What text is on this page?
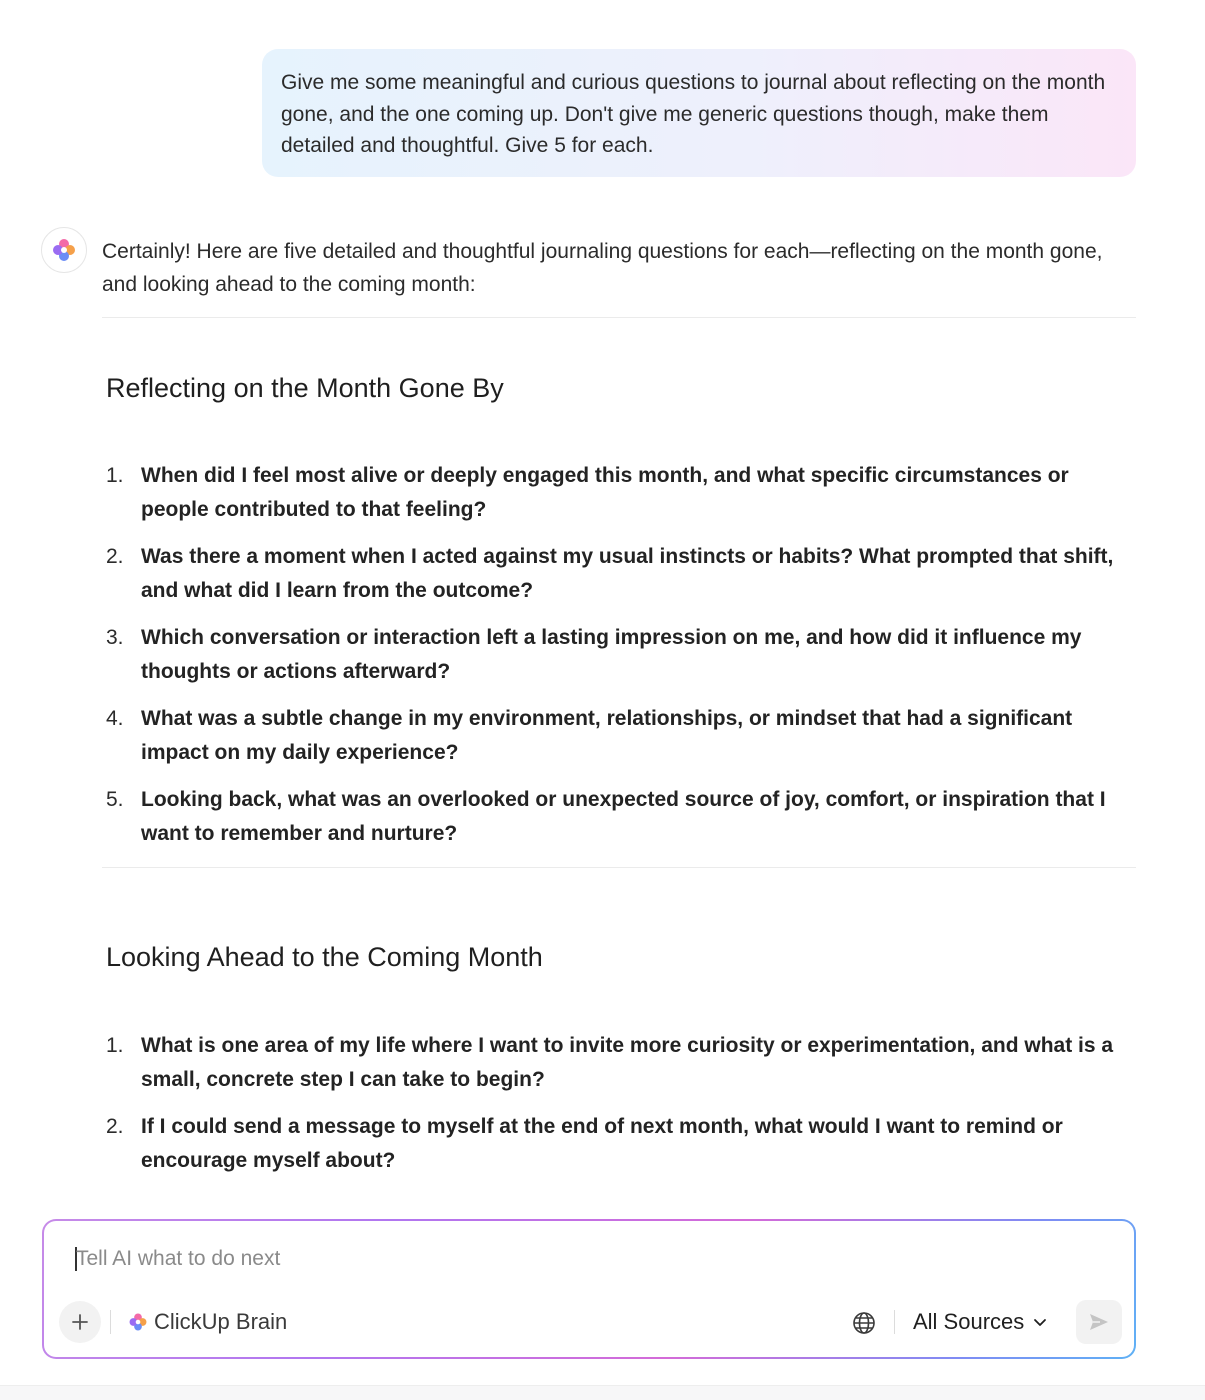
Give me some meaningful and curious questions to journal about reflecting on the month gone, and the one coming up. Don't give me generic questions though, make them detailed and thoughtful. Give 5 for each.
Certainly! Here are five detailed and thoughtful journaling questions for each—reflecting on the month gone, and looking ahead to the coming month:
Reflecting on the Month Gone By
1. When did I feel most alive or deeply engaged this month, and what specific circumstances or people contributed to that feeling?
2. Was there a moment when I acted against my usual instincts or habits? What prompted that shift, and what did I learn from the outcome?
3. Which conversation or interaction left a lasting impression on me, and how did it influence my thoughts or actions afterward?
4. What was a subtle change in my environment, relationships, or mindset that had a significant impact on my daily experience?
5. Looking back, what was an overlooked or unexpected source of joy, comfort, or inspiration that I want to remember and nurture?
Looking Ahead to the Coming Month
1. What is one area of my life where I want to invite more curiosity or experimentation, and what is a small, concrete step I can take to begin?
2. If I could send a message to myself at the end of next month, what would I want to remind or encourage myself about?
Tell AI what to do next
ClickUp Brain	All Sources
